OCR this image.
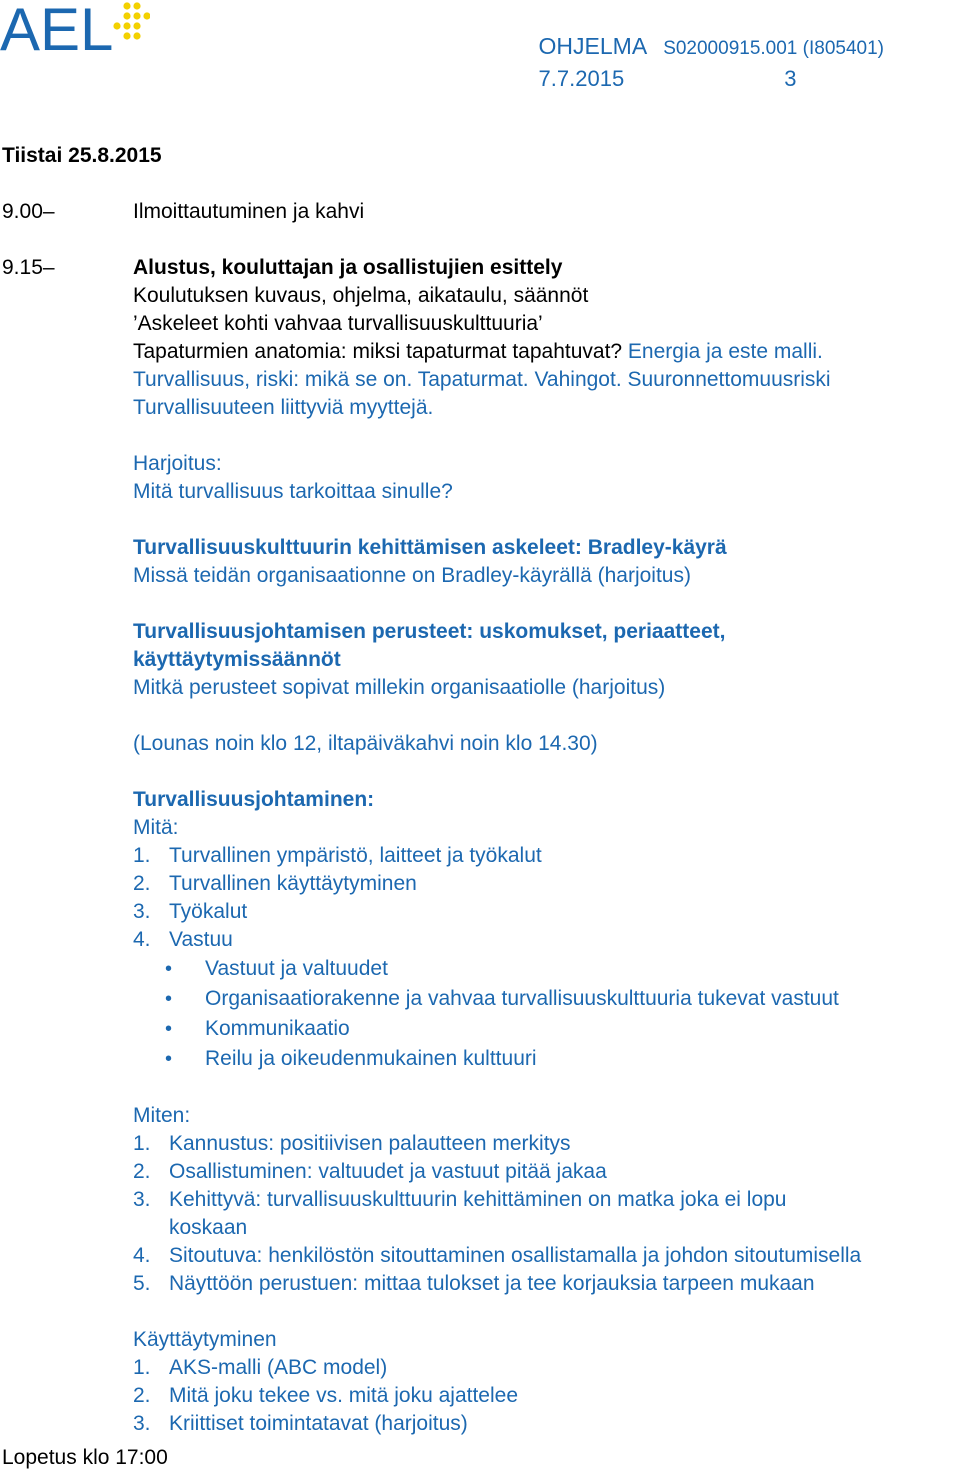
AEL	OHJELMA S02000915.001 (I805401)
7.7.2015	3
Tiistai 25.8.2015
9.00–	Ilmoittautuminen ja kahvi
9.15–	Alustus, kouluttajan ja osallistujien esittely
Koulutuksen kuvaus, ohjelma, aikataulu, säännöt
’Askeleet kohti vahvaa turvallisuuskulttuuria’
Tapaturmien anatomia: miksi tapaturmat tapahtuvat? Energia ja este malli.
Turvallisuus, riski: mikä se on. Tapaturmat. Vahingot. Suuronnettomuusriski
Turvallisuuteen liittyviä myyttejä.
Harjoitus:
Mitä turvallisuus tarkoittaa sinulle?
Turvallisuuskulttuurin kehittämisen askeleet: Bradley-käyrä
Missä teidän organisaationne on Bradley-käyrällä (harjoitus)
Turvallisuusjohtamisen perusteet: uskomukset, periaatteet,
käyttäytymissäännöt
Mitkä perusteet sopivat millekin organisaatiolle (harjoitus)
(Lounas noin klo 12, iltapäiväkahvi noin klo 14.30)
Turvallisuusjohtaminen:
Mitä:
1. Turvallinen ympäristö, laitteet ja työkalut
2. Turvallinen käyttäytyminen
3. Työkalut
4. Vastuu
• Vastuut ja valtuudet
• Organisaatiorakenne ja vahvaa turvallisuuskulttuuria tukevat vastuut
• Kommunikaatio
• Reilu ja oikeudenmukainen kulttuuri
Miten:
1. Kannustus: positiivisen palautteen merkitys
2. Osallistuminen: valtuudet ja vastuut pitää jakaa
3. Kehittyvä: turvallisuuskulttuurin kehittäminen on matka joka ei lopu
koskaan
4. Sitoutuva: henkilöstön sitouttaminen osallistamalla ja johdon sitoutumisella
5. Näyttöön perustuen: mittaa tulokset ja tee korjauksia tarpeen mukaan
Käyttäytyminen
1. AKS-malli (ABC model)
2. Mitä joku tekee vs. mitä joku ajattelee
3. Kriittiset toimintatavat (harjoitus)
Lopetus klo 17:00
